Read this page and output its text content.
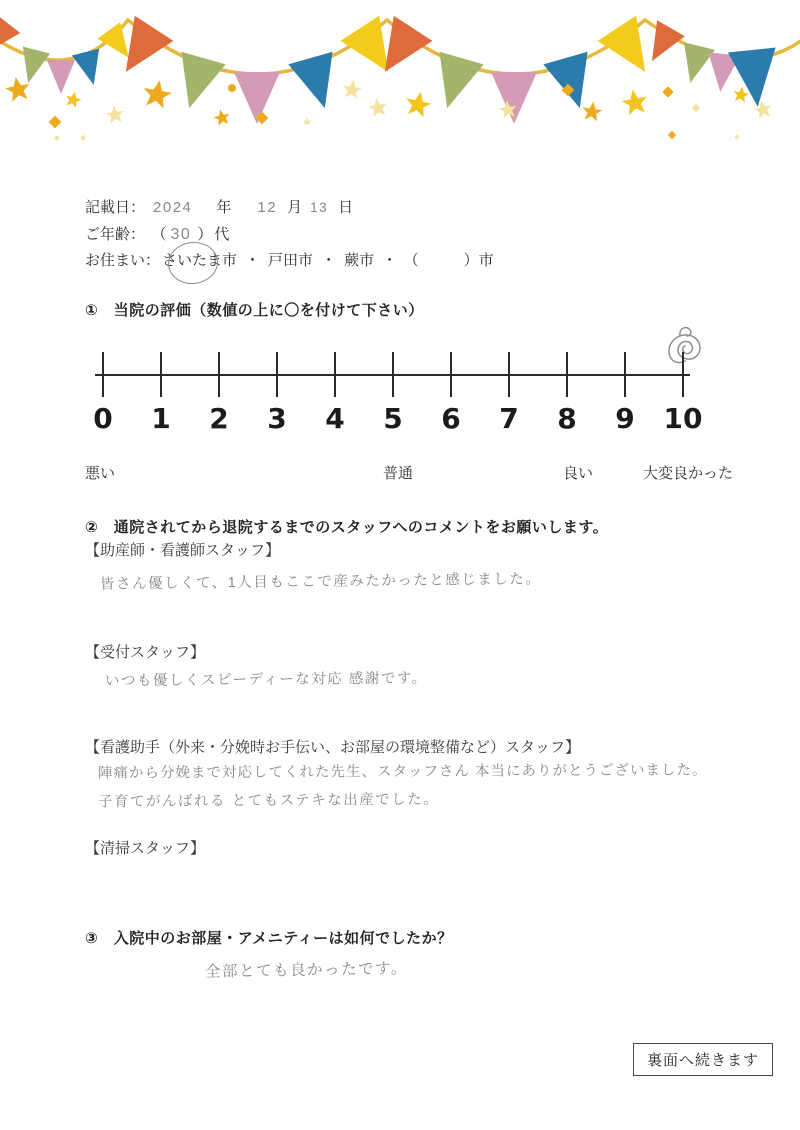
記載日： 2024 年 12 月 13 日
ご年齢： （ 30 ） 代
お住まい： さいたま市 ・ 戸田市 ・ 蕨市 ・ （　　　）市
①　当院の評価（数値の上に〇を付けて下さい）
0 1 2 3 4 5 6 7 8 9 10
悪い	普通	良い	大変良かった
②　通院されてから退院するまでのスタッフへのコメントをお願いします。
【助産師・看護師スタッフ】
皆さん優しくて、1人目もここで産みたかったと感じました。
【受付スタッフ】
いつも優しくスピーディーな対応 感謝です。
【看護助手（外来・分娩時お手伝い、お部屋の環境整備など）スタッフ】
陣痛から分娩まで対応してくれた先生、スタッフさん 本当にありがとうございました。
子育てがんばれる とてもステキな出産でした。
【清掃スタッフ】
③　入院中のお部屋・アメニティーは如何でしたか？
全部とても良かったです。
裏面へ続きます
